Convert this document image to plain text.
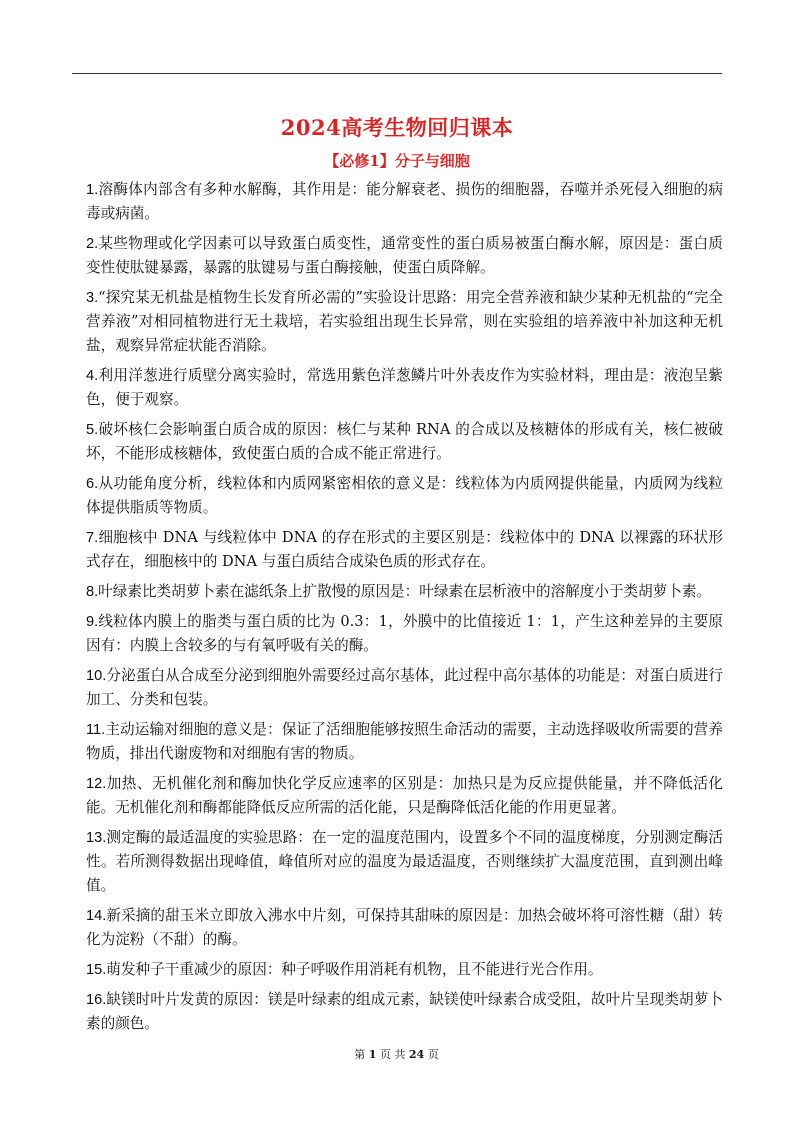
2024高考生物回归课本
【必修1】分子与细胞

1.溶酶体内部含有多种水解酶，其作用是：能分解衰老、损伤的细胞器，吞噬并杀死侵入细胞的病毒或病菌。

2.某些物理或化学因素可以导致蛋白质变性，通常变性的蛋白质易被蛋白酶水解，原因是：蛋白质变性使肽键暴露，暴露的肽键易与蛋白酶接触，使蛋白质降解。

3.“探究某无机盐是植物生长发育所必需的”实验设计思路：用完全营养液和缺少某种无机盐的“完全营养液”对相同植物进行无土栽培，若实验组出现生长异常，则在实验组的培养液中补加这种无机盐，观察异常症状能否消除。

4.利用洋葱进行质壁分离实验时，常选用紫色洋葱鳞片叶外表皮作为实验材料，理由是：液泡呈紫色，便于观察。

5.破坏核仁会影响蛋白质合成的原因：核仁与某种 RNA 的合成以及核糖体的形成有关，核仁被破坏，不能形成核糖体，致使蛋白质的合成不能正常进行。

6.从功能角度分析，线粒体和内质网紧密相依的意义是：线粒体为内质网提供能量，内质网为线粒体提供脂质等物质。

7.细胞核中 DNA 与线粒体中 DNA 的存在形式的主要区别是：线粒体中的 DNA 以裸露的环状形式存在，细胞核中的 DNA 与蛋白质结合成染色质的形式存在。

8.叶绿素比类胡萝卜素在滤纸条上扩散慢的原因是：叶绿素在层析液中的溶解度小于类胡萝卜素。

9.线粒体内膜上的脂类与蛋白质的比为 0.3：1，外膜中的比值接近 1：1，产生这种差异的主要原因有：内膜上含较多的与有氧呼吸有关的酶。

10.分泌蛋白从合成至分泌到细胞外需要经过高尔基体，此过程中高尔基体的功能是：对蛋白质进行加工、分类和包装。

11.主动运输对细胞的意义是：保证了活细胞能够按照生命活动的需要，主动选择吸收所需要的营养物质，排出代谢废物和对细胞有害的物质。

12.加热、无机催化剂和酶加快化学反应速率的区别是：加热只是为反应提供能量，并不降低活化能。无机催化剂和酶都能降低反应所需的活化能，只是酶降低活化能的作用更显著。

13.测定酶的最适温度的实验思路：在一定的温度范围内，设置多个不同的温度梯度，分别测定酶活性。若所测得数据出现峰值，峰值所对应的温度为最适温度，否则继续扩大温度范围，直到测出峰值。

14.新采摘的甜玉米立即放入沸水中片刻，可保持其甜味的原因是：加热会破坏将可溶性糖（甜）转化为淀粉（不甜）的酶。

15.萌发种子干重减少的原因：种子呼吸作用消耗有机物，且不能进行光合作用。

16.缺镁时叶片发黄的原因：镁是叶绿素的组成元素，缺镁使叶绿素合成受阻，故叶片呈现类胡萝卜素的颜色。

第 1 页 共 24 页
